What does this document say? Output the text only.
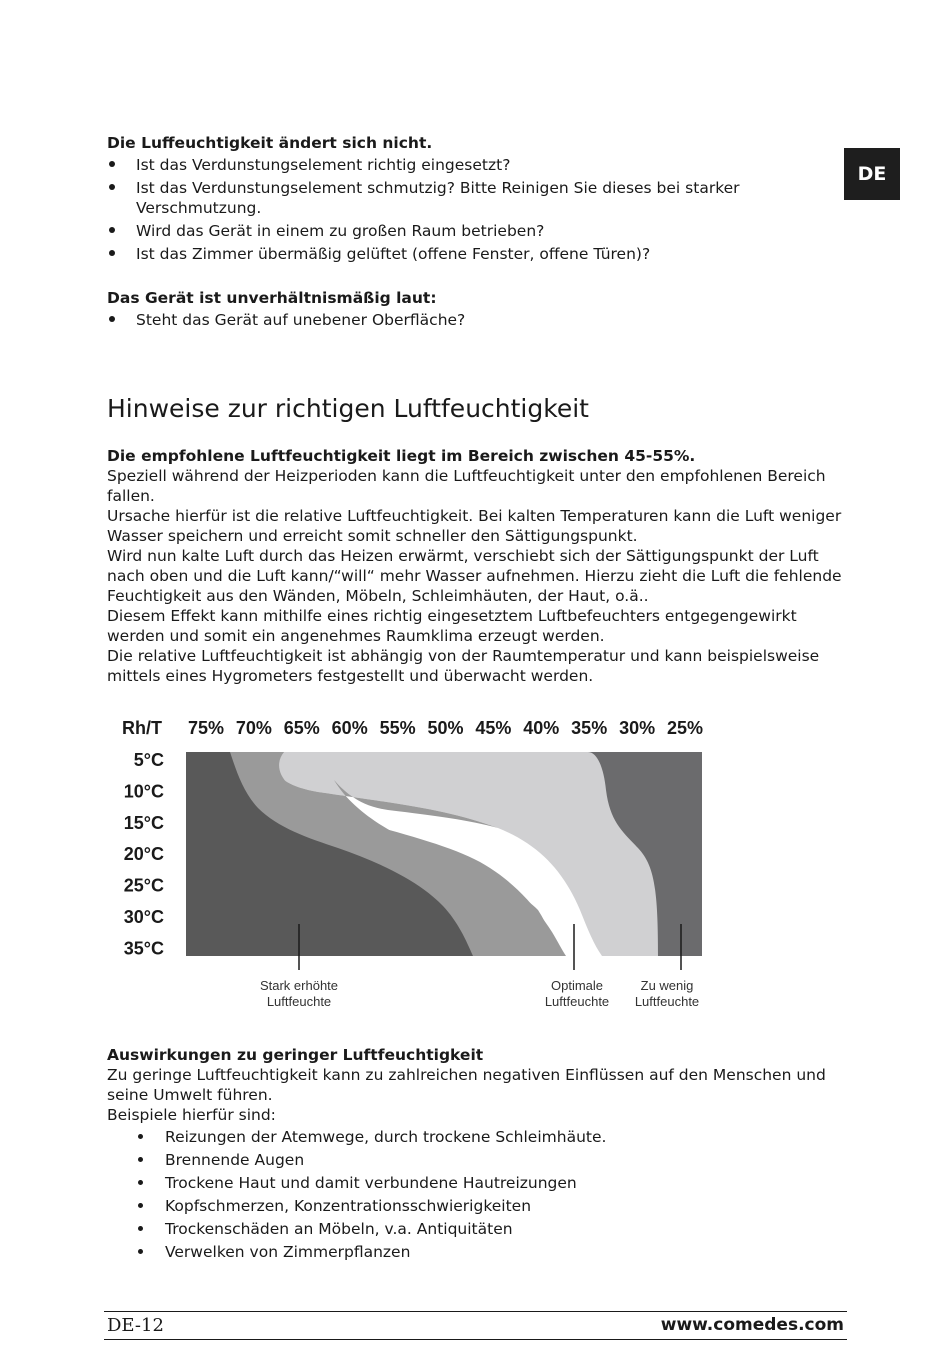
DE
Die Luffeuchtigkeit ändert sich nicht.
Ist das Verdunstungselement richtig eingesetzt?
Ist das Verdunstungselement schmutzig? Bitte Reinigen Sie dieses bei starker Verschmutzung.
Wird das Gerät in einem zu großen Raum betrieben?
Ist das Zimmer übermäßig gelüftet (offene Fenster, offene Türen)?
Das Gerät ist unverhältnismäßig laut:
Steht das Gerät auf unebener Oberfläche?
Hinweise zur richtigen Luftfeuchtigkeit
Die empfohlene Luftfeuchtigkeit liegt im Bereich zwischen 45-55%.

Speziell während der Heizperioden kann die Luftfeuchtigkeit unter den empfohlenen Bereich fallen.

Ursache hierfür ist die relative Luftfeuchtigkeit. Bei kalten Temperaturen kann die Luft weniger Wasser speichern und erreicht somit schneller den Sättigungspunkt.

Wird nun kalte Luft durch das Heizen erwärmt, verschiebt sich der Sättigungspunkt der Luft nach oben und die Luft kann/“will“ mehr Wasser aufnehmen. Hierzu zieht die Luft die fehlende Feuchtigkeit aus den Wänden, Möbeln, Schleimhäuten, der Haut, o.ä..

Diesem Effekt kann mithilfe eines richtig eingesetztem Luftbefeuchters entgegengewirkt werden und somit ein angenehmes Raumklima erzeugt werden.

Die relative Luftfeuchtigkeit ist abhängig von der Raumtemperatur und kann beispielsweise mittels eines Hygrometers festgestellt und überwacht werden.

Rh/T 75% 70% 65% 60% 55% 50% 45% 40% 35% 30% 25%
5°C
10°C
15°C
20°C
25°C
30°C
35°C
Stark erhöhte
Luftfeuchte
Optimale
Luftfeuchte
Zu wenig
Luftfeuchte
Auswirkungen zu geringer Luftfeuchtigkeit

Zu geringe Luftfeuchtigkeit kann zu zahlreichen negativen Einflüssen auf den Menschen und seine Umwelt führen.

Beispiele hierfür sind:

Reizungen der Atemwege, durch trockene Schleimhäute.
Brennende Augen
Trockene Haut und damit verbundene Hautreizungen
Kopfschmerzen, Konzentrationsschwierigkeiten
Trockenschäden an Möbeln, v.a. Antiquitäten
Verwelken von Zimmerpflanzen
DE-12	www.comedes.com
